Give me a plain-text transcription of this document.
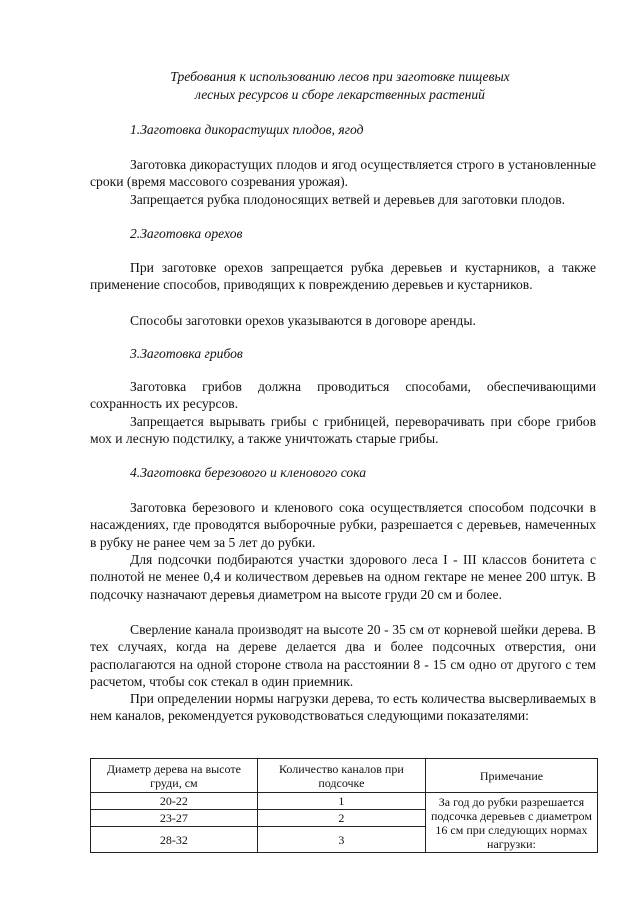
Требования к использованию лесов при заготовке пищевых
лесных ресурсов и сборе лекарственных растений
1.Заготовка дикорастущих плодов, ягод
Заготовка дикорастущих плодов и ягод осуществляется строго в установленные сроки (время массового созревания урожая).
Запрещается рубка плодоносящих ветвей и деревьев для заготовки плодов.
2.Заготовка орехов
При заготовке орехов запрещается рубка деревьев и кустарников, а также применение способов, приводящих к повреждению деревьев и кустарников.
Способы заготовки орехов указываются в договоре аренды.
3.Заготовка грибов
Заготовка грибов должна проводиться способами, обеспечивающими сохранность их ресурсов.
Запрещается вырывать грибы с грибницей, переворачивать при сборе грибов мох и лесную подстилку, а также уничтожать старые грибы.
4.Заготовка березового и кленового сока
Заготовка березового и кленового сока осуществляется способом подсочки в насаждениях, где проводятся выборочные рубки, разрешается с деревьев, намеченных в рубку не ранее чем за 5 лет до рубки.
Для подсочки подбираются участки здорового леса I - III классов бонитета с полнотой не менее 0,4 и количеством деревьев на одном гектаре не менее 200 штук. В подсочку назначают деревья диаметром на высоте груди 20 см и более.
Сверление канала производят на высоте 20 - 35 см от корневой шейки дерева. В тех случаях, когда на дереве делается два и более подсочных отверстия, они располагаются на одной стороне ствола на расстоянии 8 - 15 см одно от другого с тем расчетом, чтобы сок стекал в один приемник.
При определении нормы нагрузки дерева, то есть количества высверливаемых в нем каналов, рекомендуется руководствоваться следующими показателями:
Диаметр дерева на высоте груди, см	Количество каналов при подсочке	Примечание
20-22	1	За год до рубки разрешается подсочка деревьев с диаметром 16 см при следующих нормах нагрузки:
23-27	2	
28-32	3	
